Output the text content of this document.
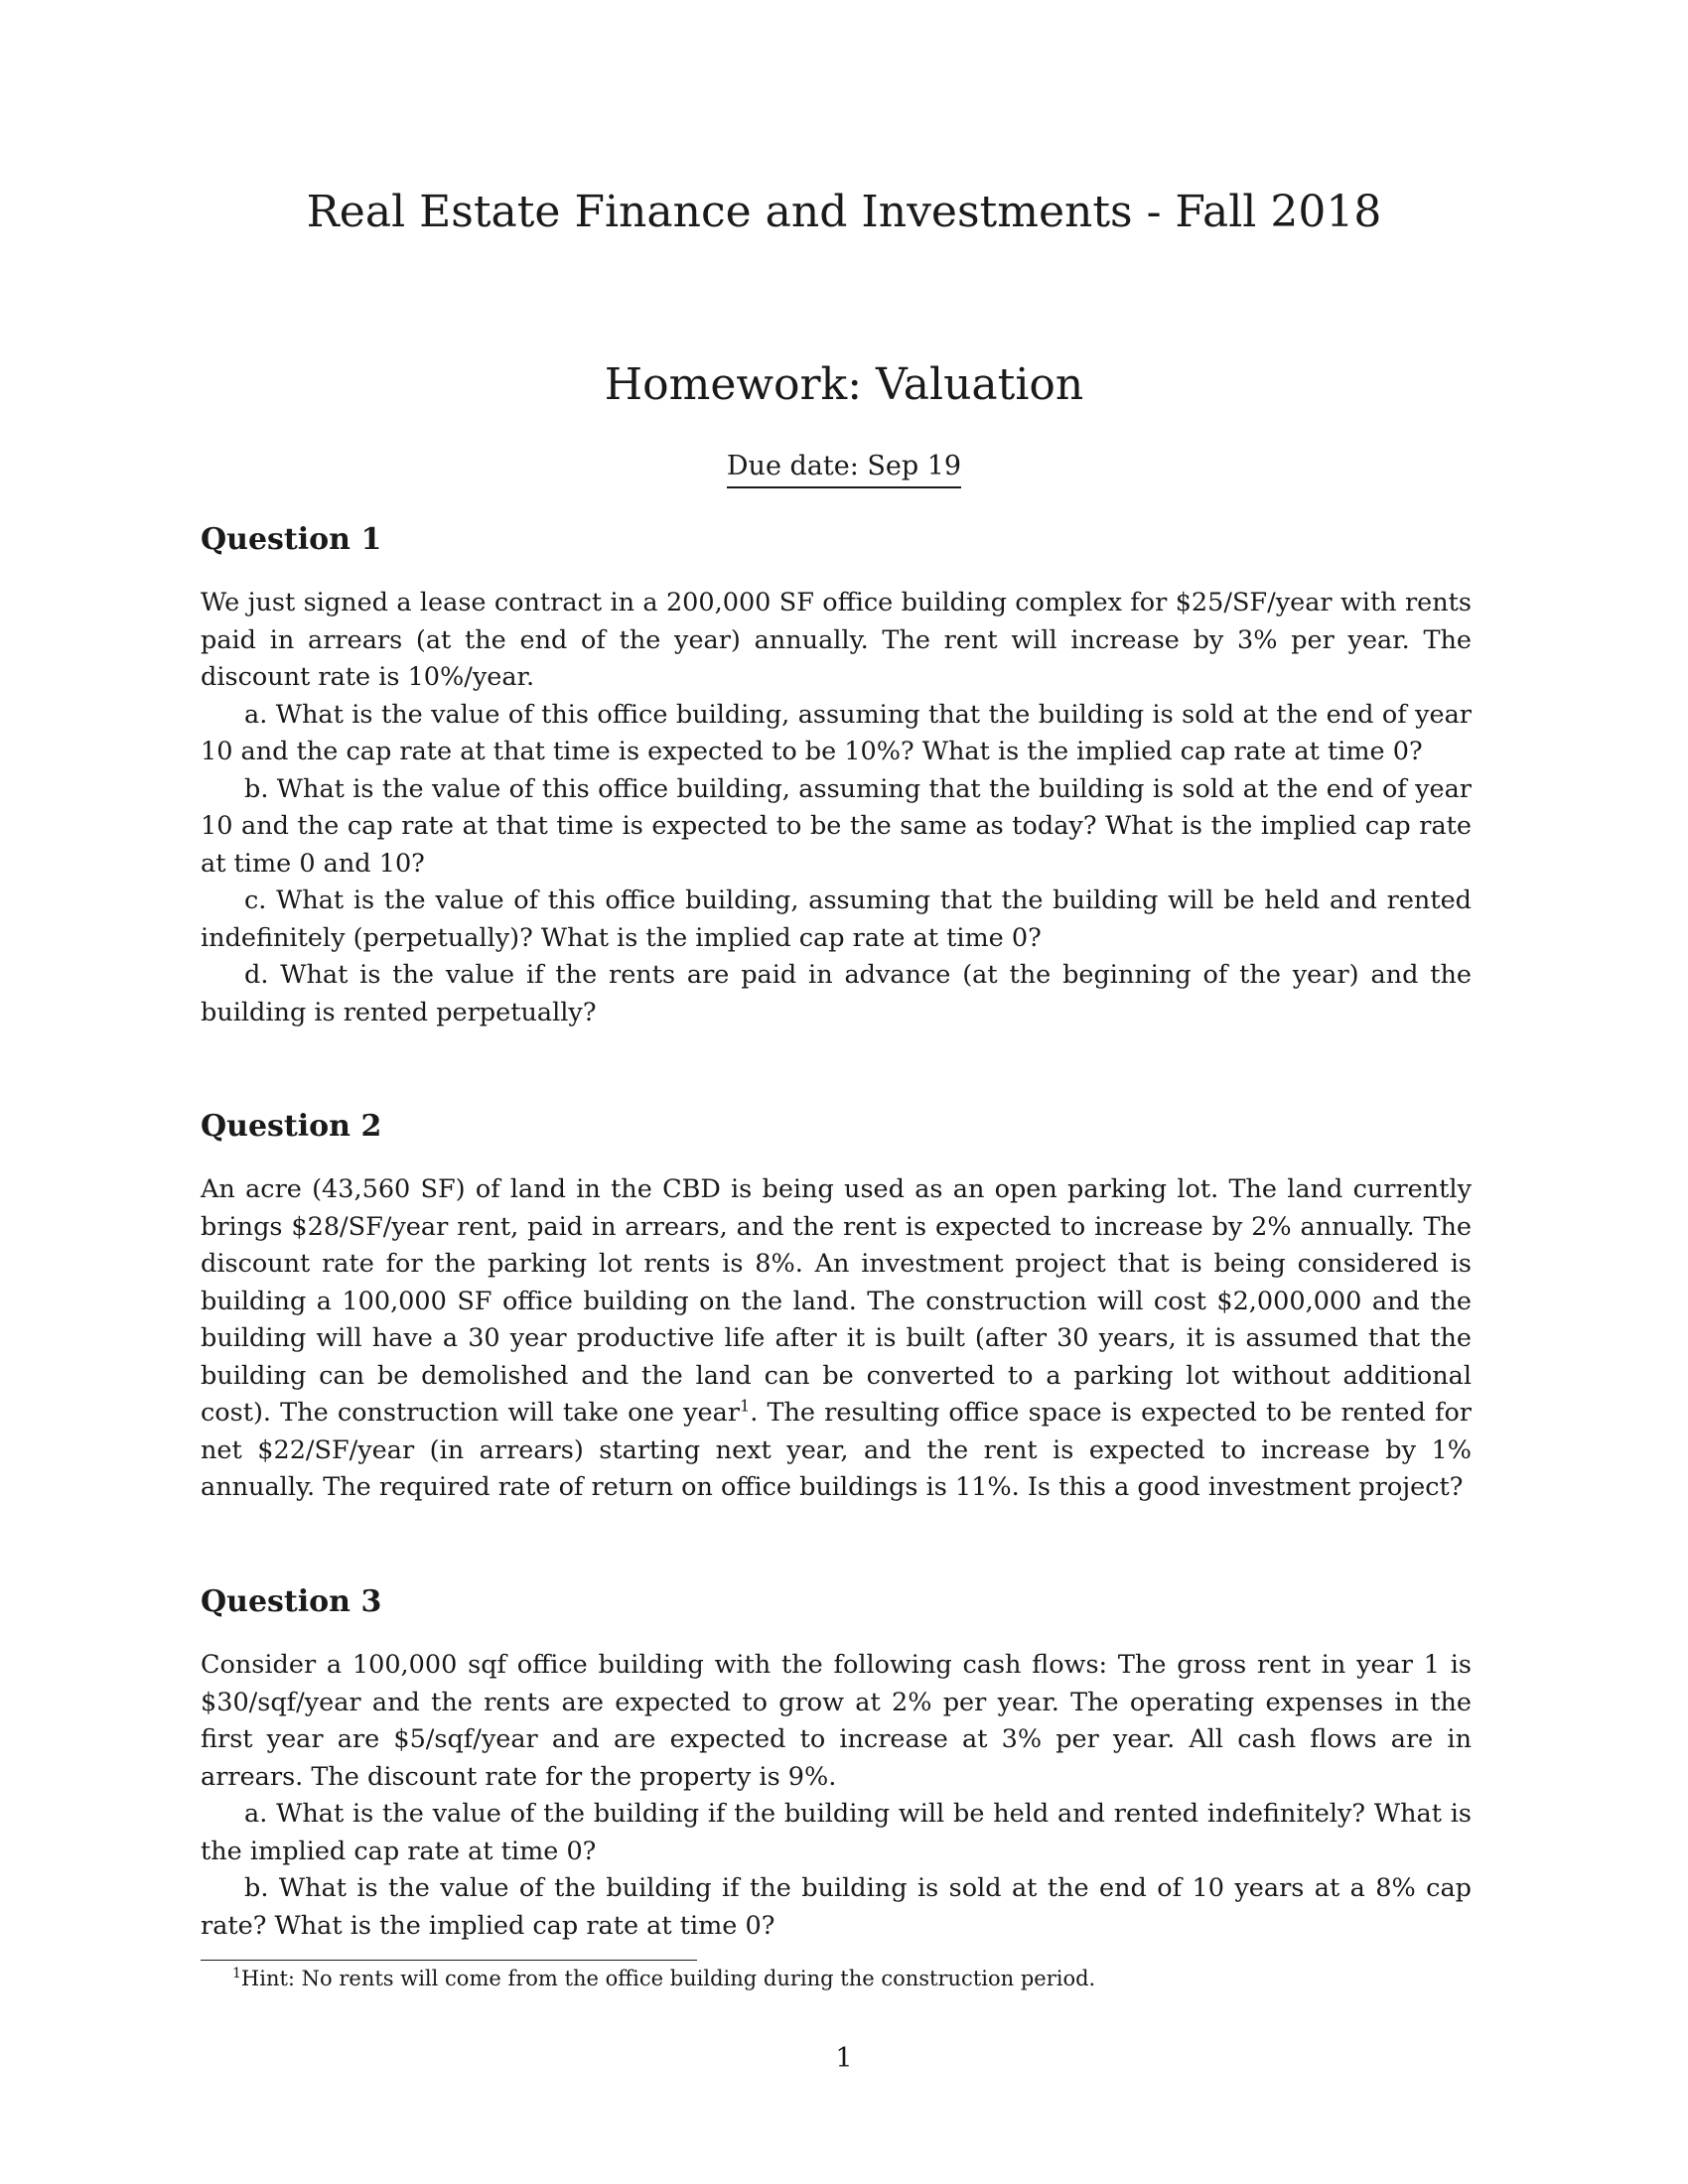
Real Estate Finance and Investments - Fall 2018
Homework: Valuation
Due date: Sep 19
Question 1

We just signed a lease contract in a 200,000 SF office building complex for $25/SF/year with rents paid in arrears (at the end of the year) annually. The rent will increase by 3% per year. The discount rate is 10%/year.

a. What is the value of this office building, assuming that the building is sold at the end of year 10 and the cap rate at that time is expected to be 10%? What is the implied cap rate at time 0?

b. What is the value of this office building, assuming that the building is sold at the end of year 10 and the cap rate at that time is expected to be the same as today? What is the implied cap rate at time 0 and 10?

c. What is the value of this office building, assuming that the building will be held and rented indefinitely (perpetually)? What is the implied cap rate at time 0?

d. What is the value if the rents are paid in advance (at the beginning of the year) and the building is rented perpetually?

Question 2

An acre (43,560 SF) of land in the CBD is being used as an open parking lot. The land currently brings $28/SF/year rent, paid in arrears, and the rent is expected to increase by 2% annually. The discount rate for the parking lot rents is 8%. An investment project that is being considered is building a 100,000 SF office building on the land. The construction will cost $2,000,000 and the building will have a 30 year productive life after it is built (after 30 years, it is assumed that the building can be demolished and the land can be converted to a parking lot without additional cost). The construction will take one year$^1$. The resulting office space is expected to be rented for net $22/SF/year (in arrears) starting next year, and the rent is expected to increase by 1% annually. The required rate of return on office buildings is 11%. Is this a good investment project?

Question 3

Consider a 100,000 sqf office building with the following cash flows: The gross rent in year 1 is $30/sqf/year and the rents are expected to grow at 2% per year. The operating expenses in the first year are $5/sqf/year and are expected to increase at 3% per year. All cash flows are in arrears. The discount rate for the property is 9%.

a. What is the value of the building if the building will be held and rented indefinitely? What is the implied cap rate at time 0?

b. What is the value of the building if the building is sold at the end of 10 years at a 8% cap rate? What is the implied cap rate at time 0?

$^1$Hint: No rents will come from the office building during the construction period.
1
